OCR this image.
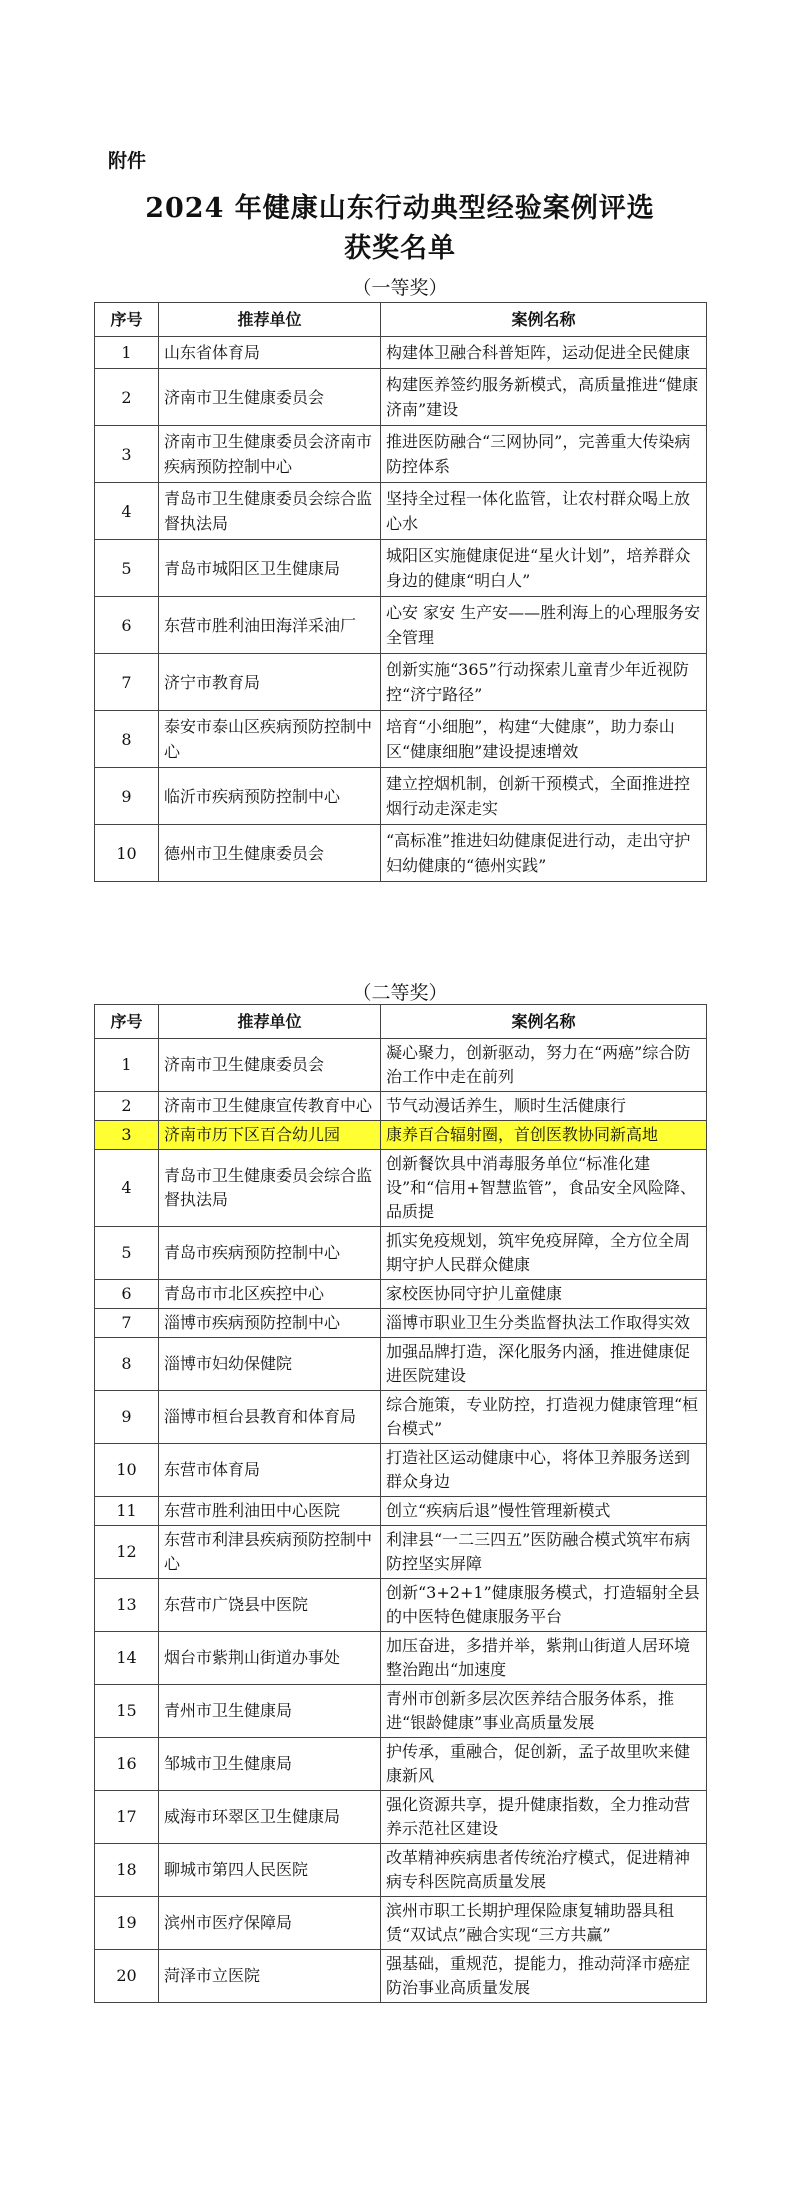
附件
2024 年健康山东行动典型经验案例评选
获奖名单
（一等奖）
序号	推荐单位	案例名称
1	山东省体育局	构建体卫融合科普矩阵，运动促进全民健康
2	济南市卫生健康委员会	构建医养签约服务新模式，高质量推进“健康济南”建设
3	济南市卫生健康委员会济南市疾病预防控制中心	推进医防融合“三网协同”，完善重大传染病防控体系
4	青岛市卫生健康委员会综合监督执法局	坚持全过程一体化监管，让农村群众喝上放心水
5	青岛市城阳区卫生健康局	城阳区实施健康促进“星火计划”，培养群众身边的健康“明白人”
6	东营市胜利油田海洋采油厂	心安 家安 生产安——胜利海上的心理服务安全管理
7	济宁市教育局	创新实施“365”行动探索儿童青少年近视防控“济宁路径”
8	泰安市泰山区疾病预防控制中心	培育“小细胞”，构建“大健康”，助力泰山区“健康细胞”建设提速增效
9	临沂市疾病预防控制中心	建立控烟机制，创新干预模式，全面推进控烟行动走深走实
10	德州市卫生健康委员会	“高标准”推进妇幼健康促进行动，走出守护妇幼健康的“德州实践”
（二等奖）
序号	推荐单位	案例名称
1	济南市卫生健康委员会	凝心聚力，创新驱动，努力在“两癌”综合防治工作中走在前列
2	济南市卫生健康宣传教育中心	节气动漫话养生，顺时生活健康行
3	济南市历下区百合幼儿园	康养百合辐射圈，首创医教协同新高地
4	青岛市卫生健康委员会综合监督执法局	创新餐饮具中消毒服务单位“标准化建设”和“信用+智慧监管”，食品安全风险降、品质提
5	青岛市疾病预防控制中心	抓实免疫规划，筑牢免疫屏障，全方位全周期守护人民群众健康
6	青岛市市北区疾控中心	家校医协同守护儿童健康
7	淄博市疾病预防控制中心	淄博市职业卫生分类监督执法工作取得实效
8	淄博市妇幼保健院	加强品牌打造，深化服务内涵，推进健康促进医院建设
9	淄博市桓台县教育和体育局	综合施策，专业防控，打造视力健康管理“桓台模式”
10	东营市体育局	打造社区运动健康中心，将体卫养服务送到群众身边
11	东营市胜利油田中心医院	创立“疾病后退”慢性管理新模式
12	东营市利津县疾病预防控制中心	利津县“一二三四五”医防融合模式筑牢布病防控坚实屏障
13	东营市广饶县中医院	创新“3+2+1”健康服务模式，打造辐射全县的中医特色健康服务平台
14	烟台市紫荆山街道办事处	加压奋进，多措并举，紫荆山街道人居环境整治跑出“加速度
15	青州市卫生健康局	青州市创新多层次医养结合服务体系，推进“银龄健康”事业高质量发展
16	邹城市卫生健康局	护传承，重融合，促创新，孟子故里吹来健康新风
17	威海市环翠区卫生健康局	强化资源共享，提升健康指数，全力推动营养示范社区建设
18	聊城市第四人民医院	改革精神疾病患者传统治疗模式，促进精神病专科医院高质量发展
19	滨州市医疗保障局	滨州市职工长期护理保险康复辅助器具租赁“双试点”融合实现“三方共赢”
20	菏泽市立医院	强基础，重规范，提能力，推动菏泽市癌症防治事业高质量发展
